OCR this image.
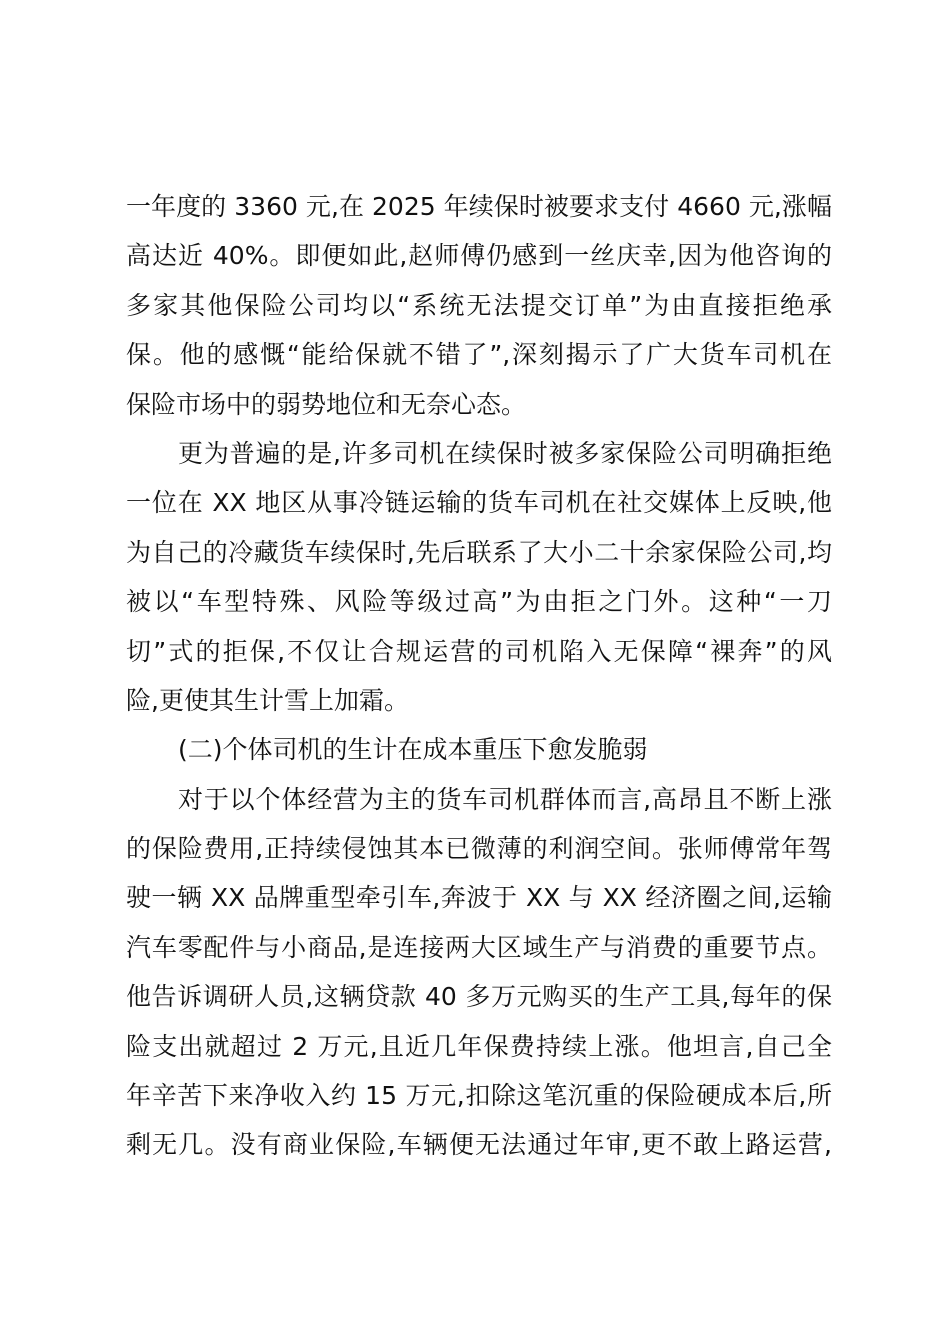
一年度的 3360 元,在 2025 年续保时被要求支付 4660 元,涨幅
高达近 40%。即便如此,赵师傅仍感到一丝庆幸,因为他咨询的
多家其他保险公司均以“系统无法提交订单”为由直接拒绝承
保。他的感慨“能给保就不错了”,深刻揭示了广大货车司机在
保险市场中的弱势地位和无奈心态。
更为普遍的是,许多司机在续保时被多家保险公司明确拒绝
一位在 XX 地区从事冷链运输的货车司机在社交媒体上反映,他
为自己的冷藏货车续保时,先后联系了大小二十余家保险公司,均
被以“车型特殊、风险等级过高”为由拒之门外。这种“一刀
切”式的拒保,不仅让合规运营的司机陷入无保障“裸奔”的风
险,更使其生计雪上加霜。
(二)个体司机的生计在成本重压下愈发脆弱
对于以个体经营为主的货车司机群体而言,高昂且不断上涨
的保险费用,正持续侵蚀其本已微薄的利润空间。张师傅常年驾
驶一辆 XX 品牌重型牵引车,奔波于 XX 与 XX 经济圈之间,运输
汽车零配件与小商品,是连接两大区域生产与消费的重要节点。
他告诉调研人员,这辆贷款 40 多万元购买的生产工具,每年的保
险支出就超过 2 万元,且近几年保费持续上涨。他坦言,自己全
年辛苦下来净收入约 15 万元,扣除这笔沉重的保险硬成本后,所
剩无几。没有商业保险,车辆便无法通过年审,更不敢上路运营,
